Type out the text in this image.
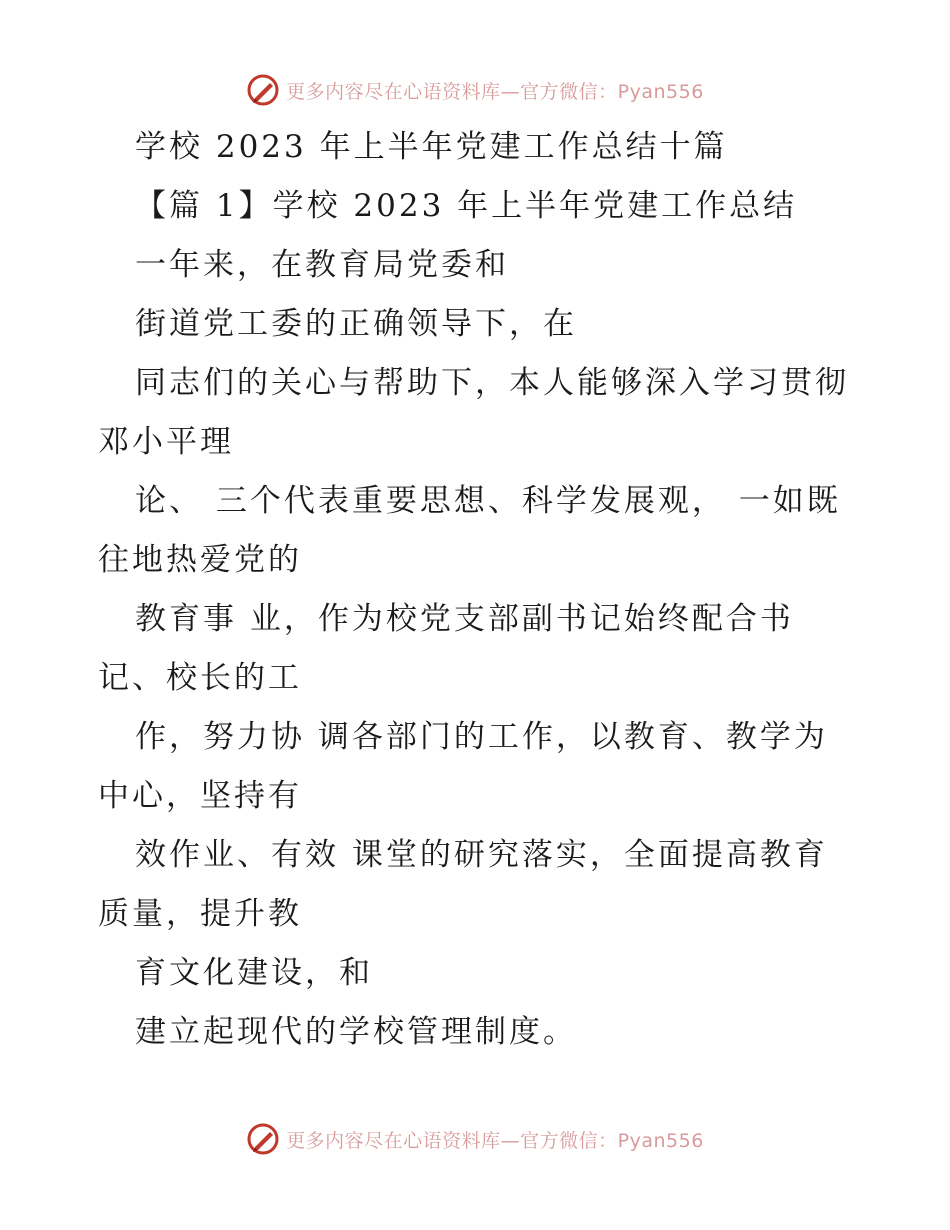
更多内容尽在心语资料库—官方微信：Pyan556
学校 2023 年上半年党建工作总结十篇
【篇 1】学校 2023 年上半年党建工作总结
一年来，在教育局党委和
街道党工委的正确领导下，在
同志们的关心与帮助下，本人能够深入学习贯彻
邓小平理
论、 三个代表重要思想、科学发展观， 一如既
往地热爱党的
教育事 业，作为校党支部副书记始终配合书
记、校长的工
作，努力协 调各部门的工作，以教育、教学为
中心，坚持有
效作业、有效 课堂的研究落实，全面提高教育
质量，提升教
育文化建设，和
建立起现代的学校管理制度。
更多内容尽在心语资料库—官方微信：Pyan556
